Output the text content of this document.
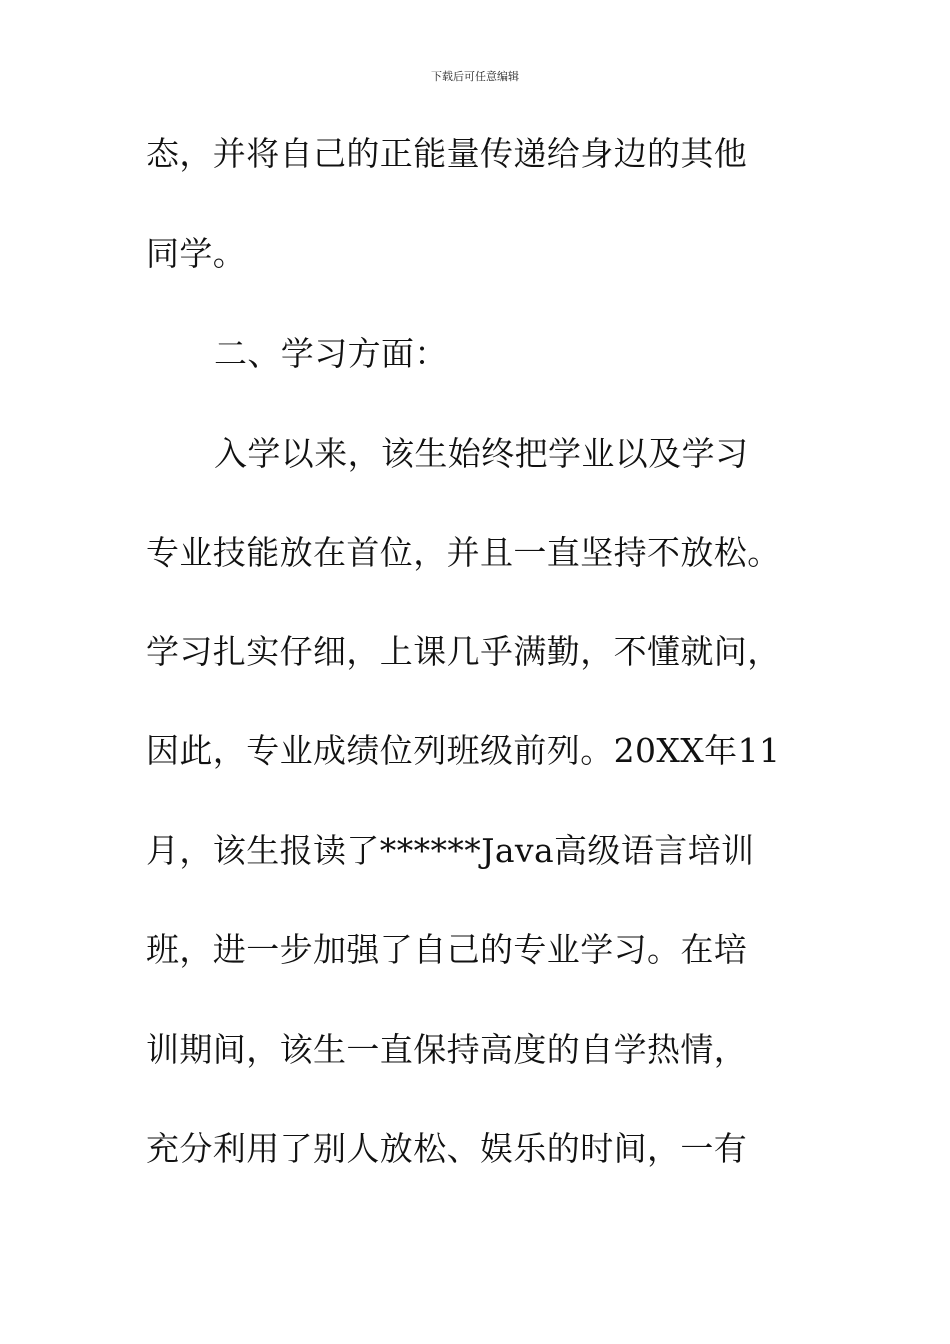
下载后可任意编辑
态，并将自己的正能量传递给身边的其他
同学。
二、学习方面：
入学以来，该生始终把学业以及学习
专业技能放在首位，并且一直坚持不放松。
学习扎实仔细，上课几乎满勤，不懂就问，
因此，专业成绩位列班级前列。20XX年11
月，该生报读了******Java高级语言培训
班，进一步加强了自己的专业学习。在培
训期间，该生一直保持高度的自学热情，
充分利用了别人放松、娱乐的时间，一有
